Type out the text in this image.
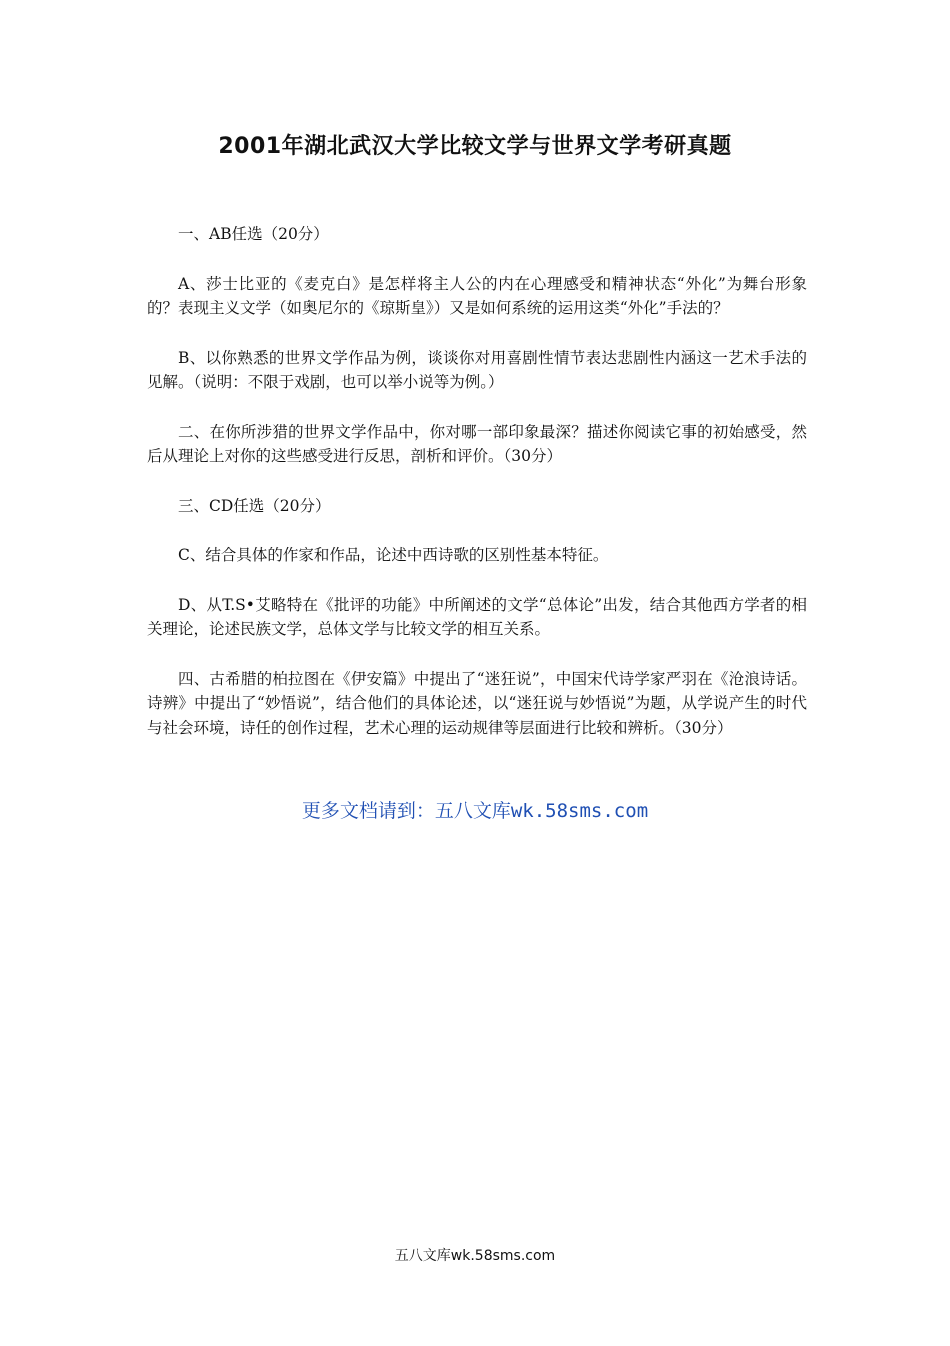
2001年湖北武汉大学比较文学与世界文学考研真题

一、AB任选（20分）

A、莎士比亚的《麦克白》是怎样将主人公的内在心理感受和精神状态“外化”为舞台形象的？表现主义文学（如奥尼尔的《琼斯皇》）又是如何系统的运用这类“外化”手法的？

B、以你熟悉的世界文学作品为例，谈谈你对用喜剧性情节表达悲剧性内涵这一艺术手法的见解。（说明：不限于戏剧，也可以举小说等为例。）

二、在你所涉猎的世界文学作品中，你对哪一部印象最深？描述你阅读它事的初始感受，然后从理论上对你的这些感受进行反思，剖析和评价。（30分）

三、CD任选（20分）

C、结合具体的作家和作品，论述中西诗歌的区别性基本特征。

D、从T.S•艾略特在《批评的功能》中所阐述的文学“总体论”出发，结合其他西方学者的相关理论，论述民族文学，总体文学与比较文学的相互关系。

四、古希腊的柏拉图在《伊安篇》中提出了“迷狂说”，中国宋代诗学家严羽在《沧浪诗话。诗辨》中提出了“妙悟说”，结合他们的具体论述，以“迷狂说与妙悟说”为题，从学说产生的时代与社会环境，诗任的创作过程，艺术心理的运动规律等层面进行比较和辨析。（30分）

更多文档请到：五八文库wk.58sms.com
五八文库wk.58sms.com
